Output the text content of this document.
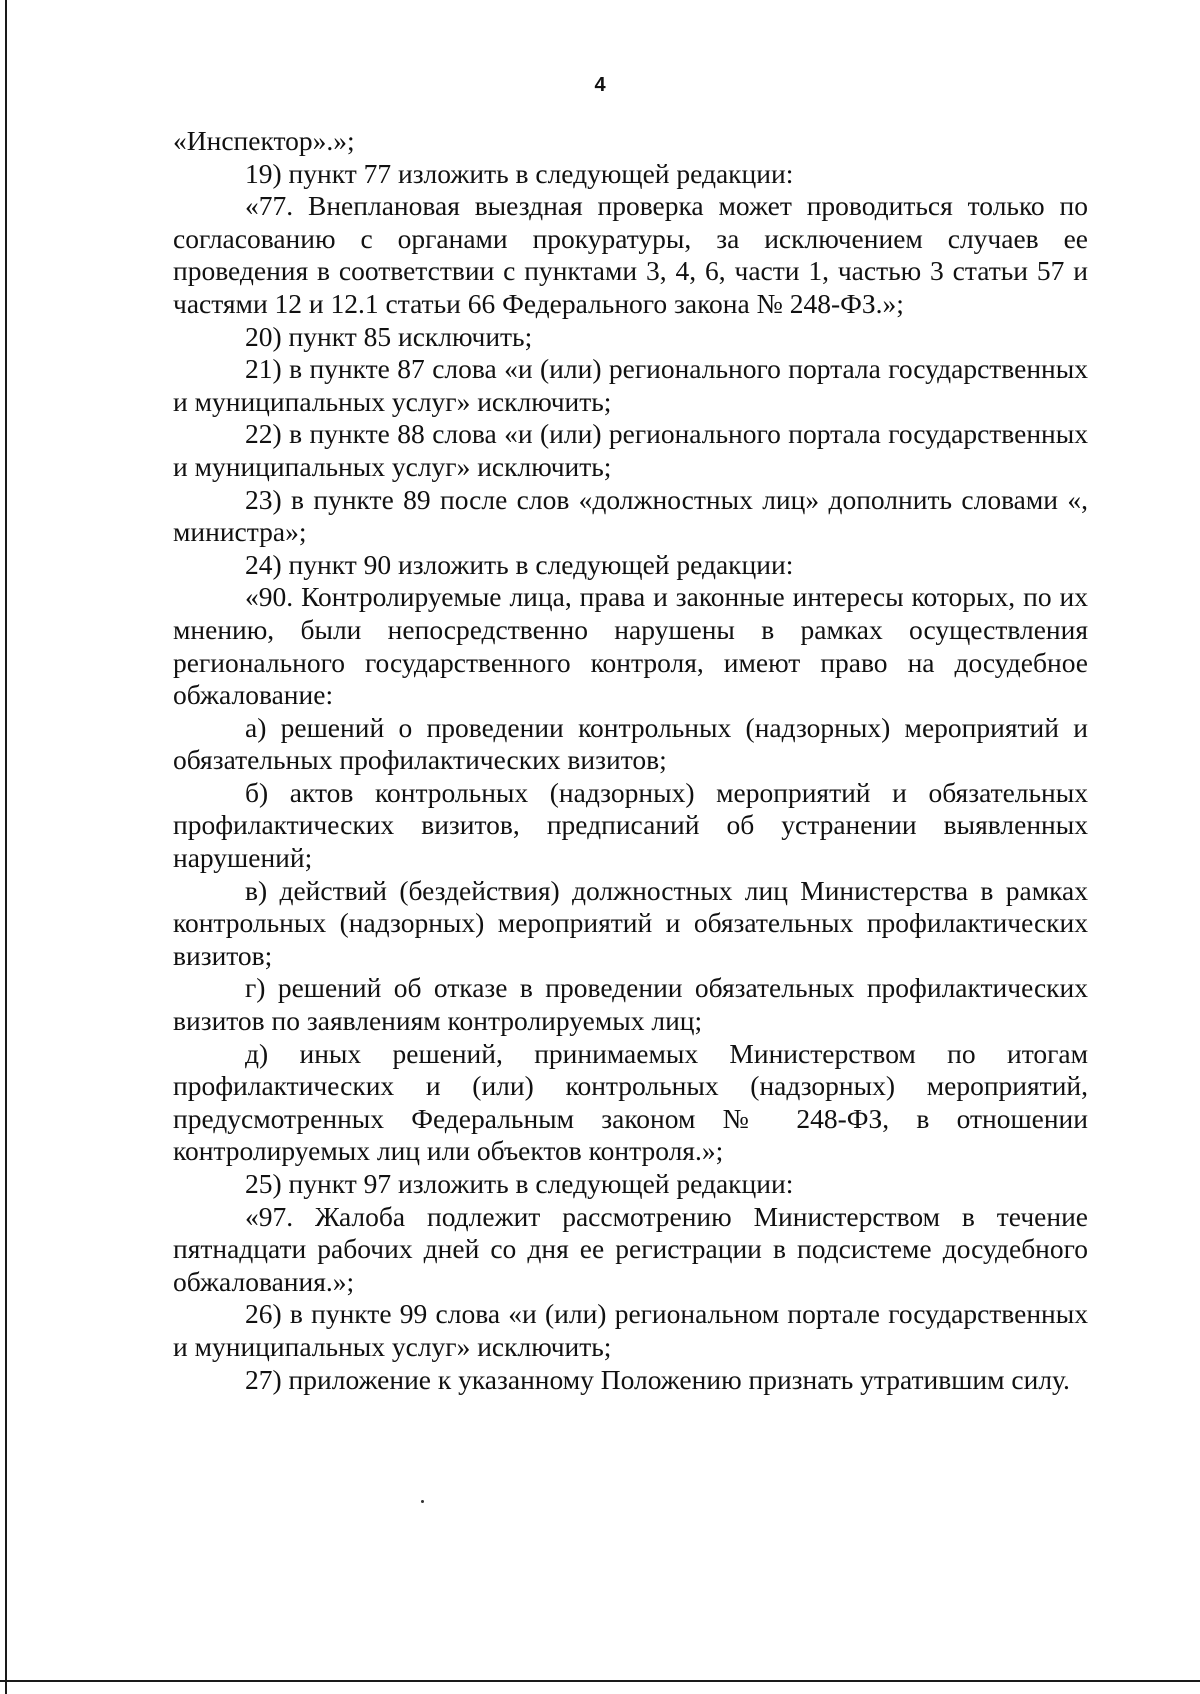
4

«Инспектор».»;

19) пункт 77 изложить в следующей редакции:

«77. Внеплановая выездная проверка может проводиться только по согласованию с органами прокуратуры, за исключением случаев ее проведения в соответствии с пунктами 3, 4, 6, части 1, частью 3 статьи 57 и частями 12 и 12.1 статьи 66 Федерального закона № 248-ФЗ.»;

20) пункт 85 исключить;

21) в пункте 87 слова «и (или) регионального портала государственных и муниципальных услуг» исключить;

22) в пункте 88 слова «и (или) регионального портала государственных и муниципальных услуг» исключить;

23) в пункте 89 после слов «должностных лиц» дополнить словами «, министра»;

24) пункт 90 изложить в следующей редакции:

«90. Контролируемые лица, права и законные интересы которых, по их мнению, были непосредственно нарушены в рамках осуществления регионального государственного контроля, имеют право на досудебное обжалование:

а) решений о проведении контрольных (надзорных) мероприятий и обязательных профилактических визитов;

б) актов контрольных (надзорных) мероприятий и обязательных профилактических визитов, предписаний об устранении выявленных нарушений;

в) действий (бездействия) должностных лиц Министерства в рамках контрольных (надзорных) мероприятий и обязательных профилактических визитов;

г) решений об отказе в проведении обязательных профилактических визитов по заявлениям контролируемых лиц;

д) иных решений, принимаемых Министерством по итогам профилактических и (или) контрольных (надзорных) мероприятий, предусмотренных Федеральным законом № 248-ФЗ, в отношении контролируемых лиц или объектов контроля.»;

25) пункт 97 изложить в следующей редакции:

«97. Жалоба подлежит рассмотрению Министерством в течение пятнадцати рабочих дней со дня ее регистрации в подсистеме досудебного обжалования.»;

26) в пункте 99 слова «и (или) региональном портале государственных и муниципальных услуг» исключить;

27) приложение к указанному Положению признать утратившим силу.
